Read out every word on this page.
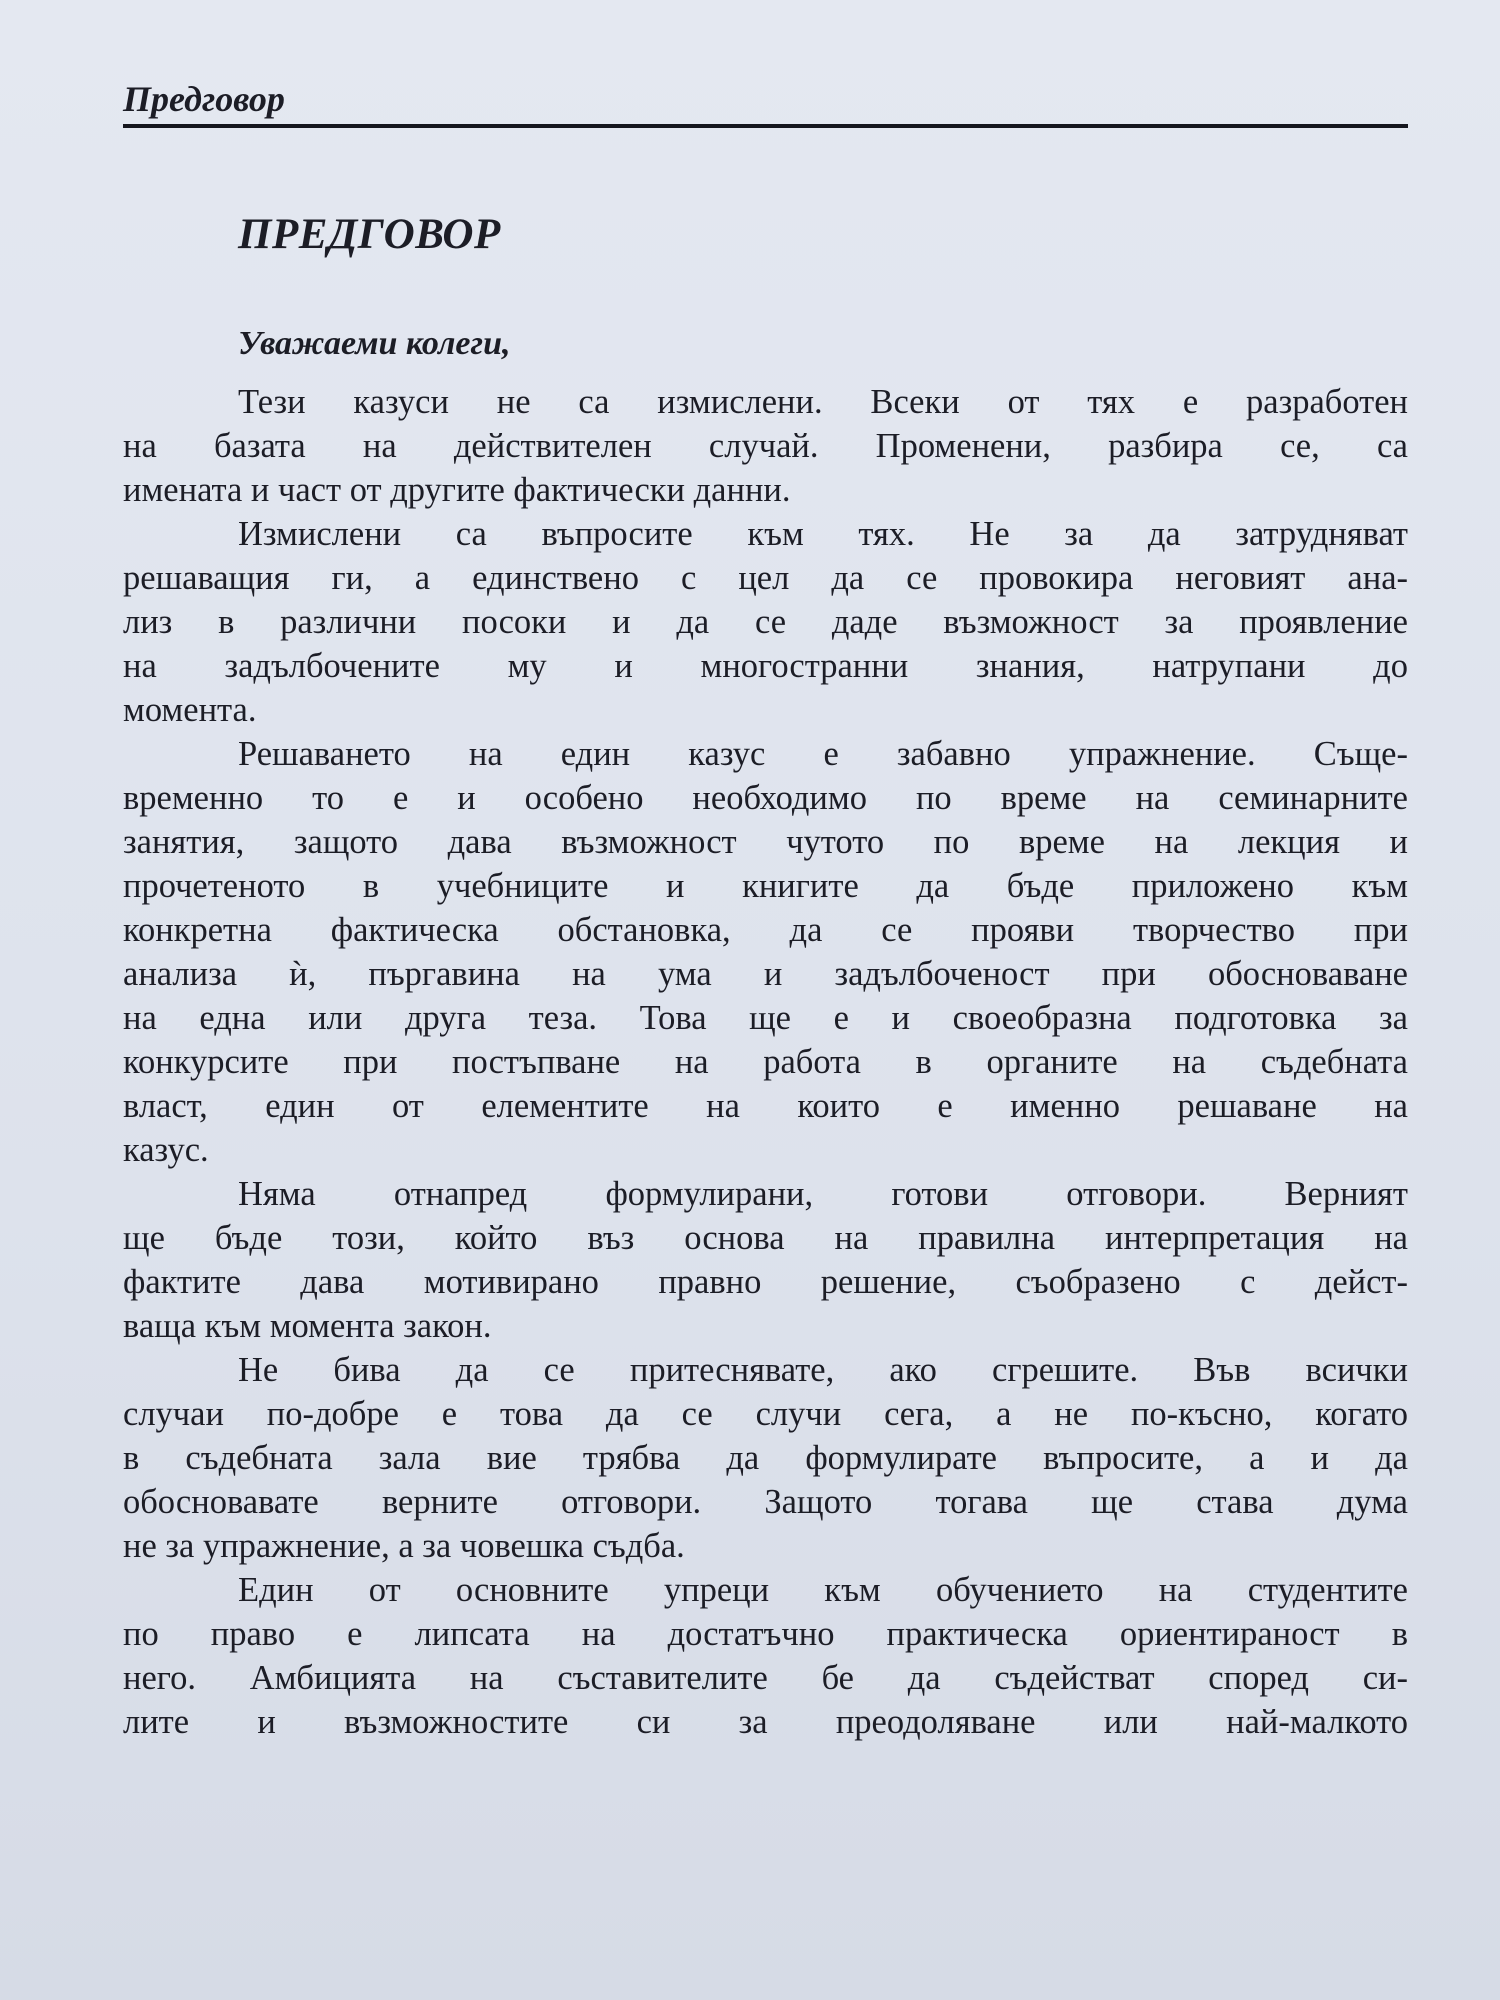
Предговор
ПРЕДГОВОР
Уважаеми колеги,
Тези казуси не са измислени. Всеки от тях е разработен
на базата на действителен случай. Променени, разбира се, са
имената и част от другите фактически данни.
Измислени са въпросите към тях. Не за да затрудняват
решаващия ги, а единствено с цел да се провокира неговият ана-
лиз в различни посоки и да се даде възможност за проявление
на задълбочените му и многостранни знания, натрупани до
момента.
Решаването на един казус е забавно упражнение. Съще-
временно то е и особено необходимо по време на семинарните
занятия, защото дава възможност чутото по време на лекция и
прочетеното в учебниците и книгите да бъде приложено към
конкретна фактическа обстановка, да се прояви творчество при
анализа ѝ, пъргавина на ума и задълбоченост при обосноваване
на една или друга теза. Това ще е и своеобразна подготовка за
конкурсите при постъпване на работа в органите на съдебната
власт, един от елементите на които е именно решаване на
казус.
Няма отнапред формулирани, готови отговори. Верният
ще бъде този, който въз основа на правилна интерпретация на
фактите дава мотивирано правно решение, съобразено с дейст-
ваща към момента закон.
Не бива да се притеснявате, ако сгрешите. Във всички
случаи по-добре е това да се случи сега, а не по-късно, когато
в съдебната зала вие трябва да формулирате въпросите, а и да
обосновавате верните отговори. Защото тогава ще става дума
не за упражнение, а за човешка съдба.
Един от основните упреци към обучението на студентите
по право е липсата на достатъчно практическа ориентираност в
него. Амбицията на съставителите бе да съдействат според си-
лите и възможностите си за преодоляване или най-малкото
